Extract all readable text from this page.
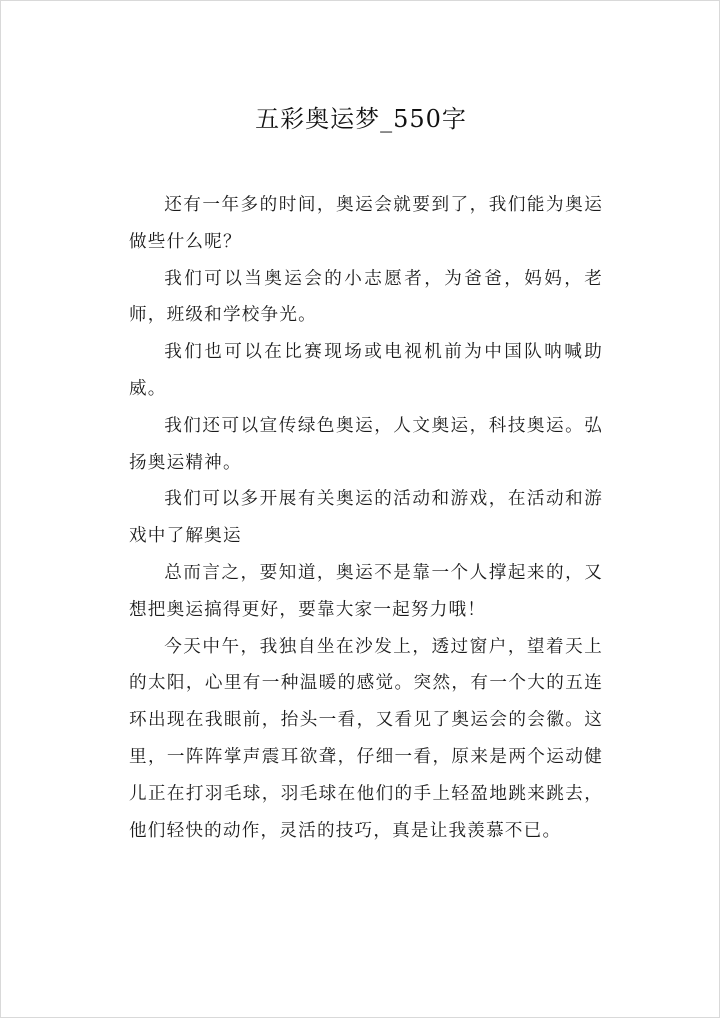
五彩奥运梦_550字

还有一年多的时间，奥运会就要到了，我们能为奥运做些什么呢？

我们可以当奥运会的小志愿者，为爸爸，妈妈，老师，班级和学校争光。

我们也可以在比赛现场或电视机前为中国队呐喊助威。

我们还可以宣传绿色奥运，人文奥运，科技奥运。弘扬奥运精神。

我们可以多开展有关奥运的活动和游戏，在活动和游戏中了解奥运

总而言之，要知道，奥运不是靠一个人撑起来的，又想把奥运搞得更好，要靠大家一起努力哦！

今天中午，我独自坐在沙发上，透过窗户，望着天上的太阳，心里有一种温暖的感觉。突然，有一个大的五连环出现在我眼前，抬头一看，又看见了奥运会的会徽。这里，一阵阵掌声震耳欲聋，仔细一看，原来是两个运动健儿正在打羽毛球，羽毛球在他们的手上轻盈地跳来跳去，他们轻快的动作，灵活的技巧，真是让我羡慕不已。
